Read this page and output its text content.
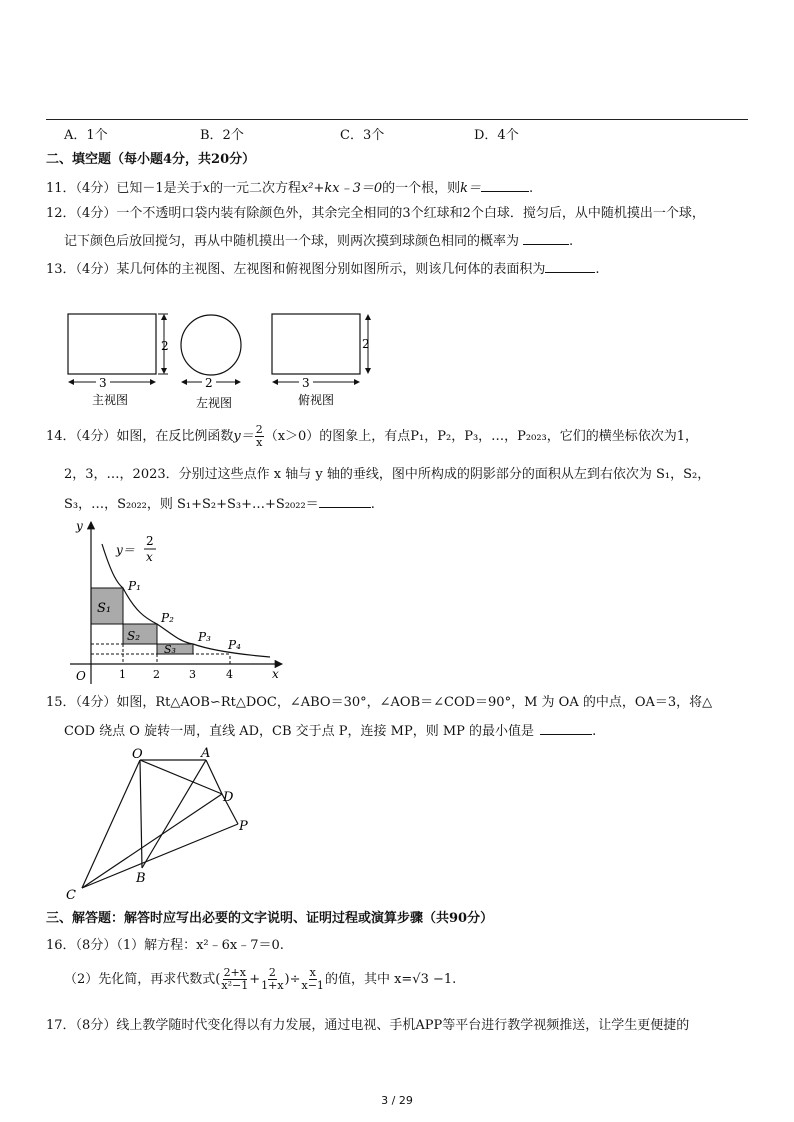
A．1个	B．2个	C．3个	D．4个
二、填空题（每小题4分，共20分）
11．（4分）已知－1是关于x的一元二次方程x²+kx﹣3＝0的一个根，则k＝	.
12．（4分）一个不透明口袋内装有除颜色外，其余完全相同的3个红球和2个白球．搅匀后，从中随机摸出一个球，
记下颜色后放回搅匀，再从中随机摸出一个球，则两次摸到球颜色相同的概率为	.
13．（4分）某几何体的主视图、左视图和俯视图分别如图所示，则该几何体的表面积为	.
2
3
主视图
2
左视图
2
3
俯视图
14．（4分）如图，在反比例函数$y= \frac{2}{x} (x>0)$的图象上，有点P₁，P₂，P₃，…，P₂₀₂₃，它们的横坐标依次为1，
2，3，…，2023．分别过这些点作 x 轴与 y 轴的垂线，图中所构成的阴影部分的面积从左到右依次为 S₁，S₂，
S₃，…，S₂₀₂₂，则 S₁+S₂+S₃+…+S₂₀₂₂＝	.
y
x
O	1 2	3	4
y＝
2
x
P₁
P₂
P₃
P₄
S₁
S₂
S₃
15．（4分）如图，Rt△AOB∽Rt△DOC，∠ABO＝30°，∠AOB＝∠COD＝90°，M 为 OA 的中点，OA＝3，将△
COD 绕点 O 旋转一周，直线 AD，CB 交于点 P，连接 MP，则 MP 的最小值是	.
O	A
D
P
B
C
三、解答题：解答时应写出必要的文字说明、证明过程或演算步骤（共90分）
16．（8分）（1）解方程：x²﹣6x﹣7＝0.
（2）先化简，再求代数式( $\frac{2+x}{\text{x²−1}} + \frac{2}{1+x}$ )÷ $\frac{x}{x-1}$ 的值，其中 x=√3 −1.
17．（8分）线上教学随时代变化得以有力发展，通过电视、手机APP等平台进行教学视频推送，让学生更便捷的
3 / 29
